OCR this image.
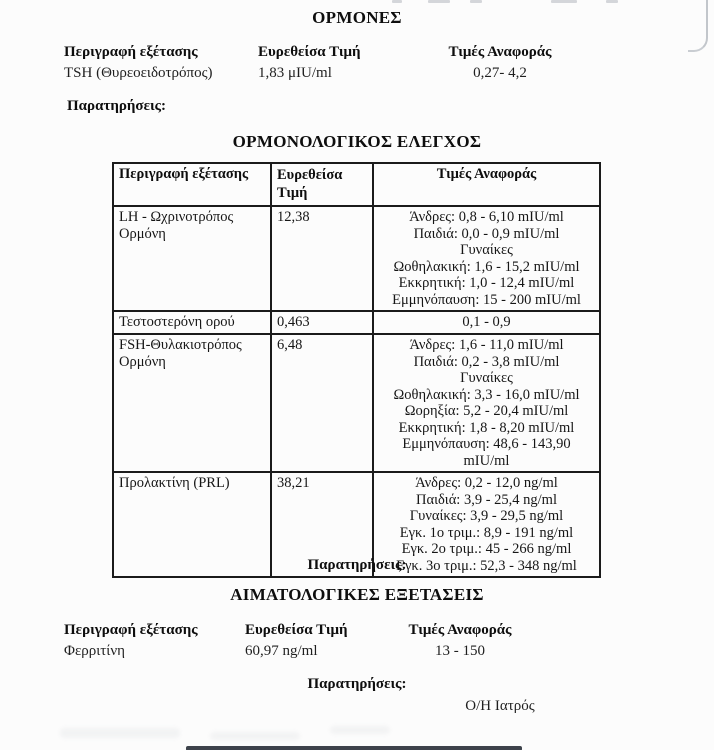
ΟΡΜΟΝΕΣ
Περιγραφή εξέτασης	Ευρεθείσα Τιμή	Τιμές Αναφοράς
TSH (Θυρεοειδοτρόπος)	1,83 μIU/ml	0,27- 4,2
Παρατηρήσεις:
ΟΡΜΟΝΟΛΟΓΙΚΟΣ ΕΛΕΓΧΟΣ
Περιγραφή εξέτασης	Ευρεθείσα Τιμή	Τιμές Αναφοράς
LH - Ωχρινοτρόπος Ορμόνη	12,38	Άνδρες: 0,8 - 6,10 mIU/ml
Παιδιά: 0,0 - 0,9 mIU/ml
Γυναίκες
Ωοθηλακική: 1,6 - 15,2 mIU/ml
Εκκρητική: 1,0 - 12,4 mIU/ml
Εμμηνόπαυση: 15 - 200 mIU/ml

Τεστοστερόνη ορού	0,463	0,1 - 0,9

FSH-Θυλακιοτρόπος Ορμόνη	6,48	Άνδρες: 1,6 - 11,0 mIU/ml
Παιδιά: 0,2 - 3,8 mIU/ml
Γυναίκες
Ωοθηλακική: 3,3 - 16,0 mIU/ml
Ωορηξία: 5,2 - 20,4 mIU/ml
Εκκρητική: 1,8 - 8,20 mIU/ml
Εμμηνόπαυση: 48,6 - 143,90 mIU/ml

Προλακτίνη (PRL)	38,21	Άνδρες: 0,2 - 12,0 ng/ml
Παιδιά: 3,9 - 25,4 ng/ml
Γυναίκες: 3,9 - 29,5 ng/ml
Εγκ. 1ο τριμ.: 8,9 - 191 ng/ml
Εγκ. 2ο τριμ.: 45 - 266 ng/ml
Εγκ. 3ο τριμ.: 52,3 - 348 ng/ml
Παρατηρήσεις:
ΑΙΜΑΤΟΛΟΓΙΚΕΣ ΕΞΕΤΑΣΕΙΣ
Περιγραφή εξέτασης	Ευρεθείσα Τιμή	Τιμές Αναφοράς
Φερριτίνη	60,97 ng/ml	13 - 150
Παρατηρήσεις:
Ο/Η Ιατρός
